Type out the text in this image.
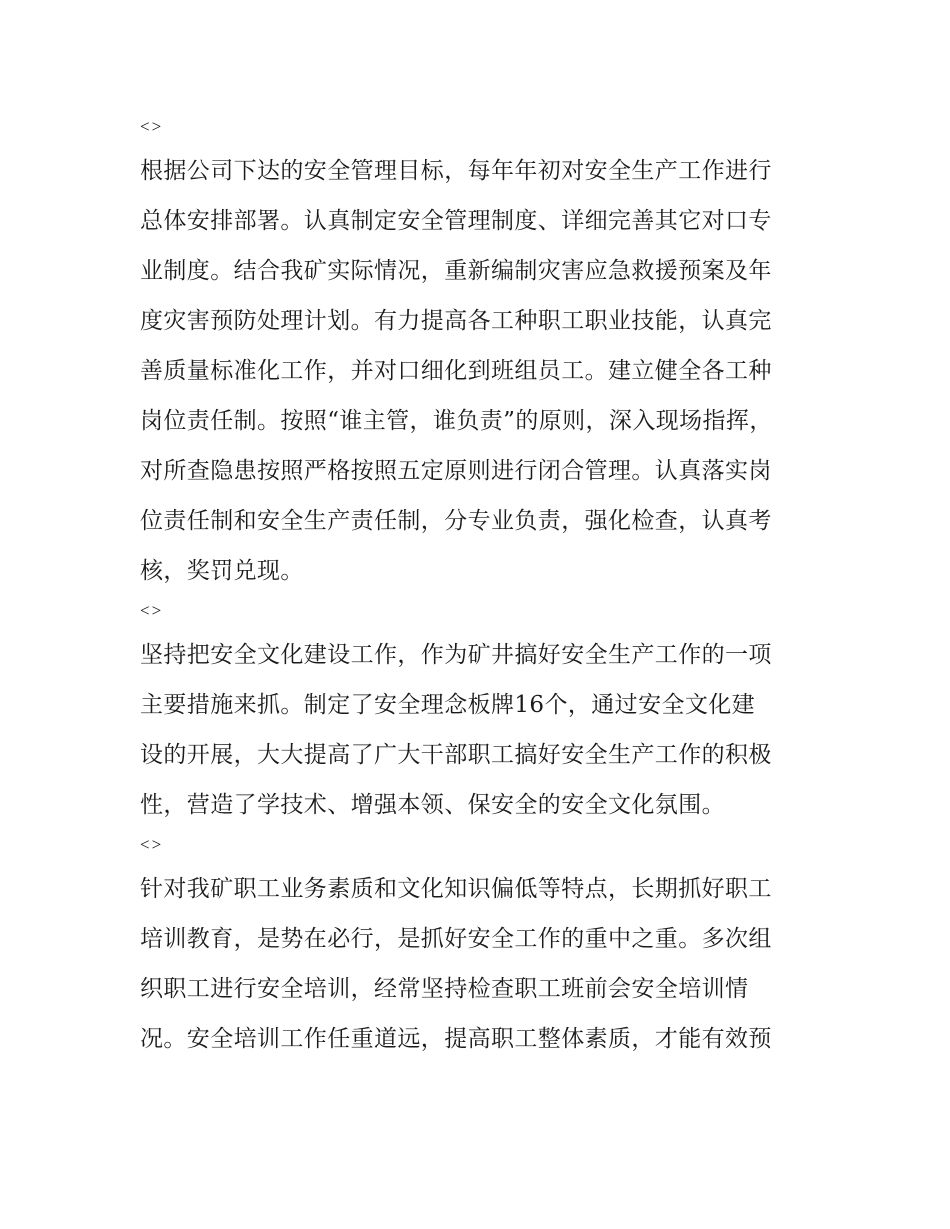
<>
根据公司下达的安全管理目标，每年年初对安全生产工作进行
总体安排部署。认真制定安全管理制度、详细完善其它对口专
业制度。结合我矿实际情况，重新编制灾害应急救援预案及年
度灾害预防处理计划。有力提高各工种职工职业技能，认真完
善质量标准化工作，并对口细化到班组员工。建立健全各工种
岗位责任制。按照“谁主管，谁负责”的原则，深入现场指挥，
对所查隐患按照严格按照五定原则进行闭合管理。认真落实岗
位责任制和安全生产责任制，分专业负责，强化检查，认真考
核，奖罚兑现。
<>
坚持把安全文化建设工作，作为矿井搞好安全生产工作的一项
主要措施来抓。制定了安全理念板牌16个，通过安全文化建
设的开展，大大提高了广大干部职工搞好安全生产工作的积极
性，营造了学技术、增强本领、保安全的安全文化氛围。
<>
针对我矿职工业务素质和文化知识偏低等特点，长期抓好职工
培训教育，是势在必行，是抓好安全工作的重中之重。多次组
织职工进行安全培训，经常坚持检查职工班前会安全培训情
况。安全培训工作任重道远，提高职工整体素质，才能有效预
